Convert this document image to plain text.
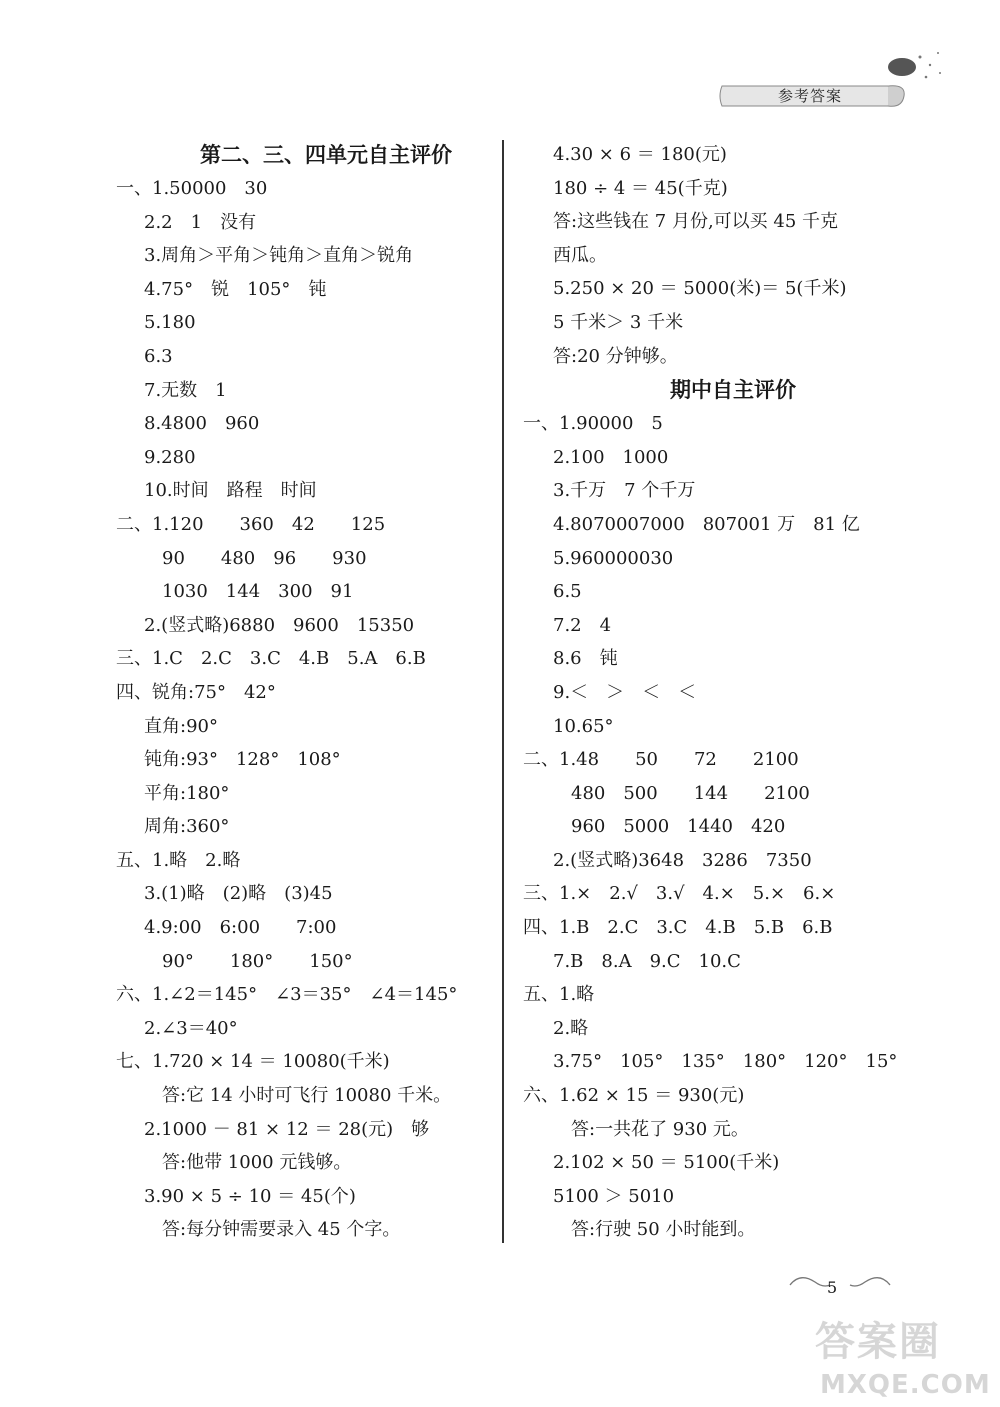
参考答案
第二、三、四单元自主评价
一、1.50000　30
2.2　1　没有
3.周角＞平角＞钝角＞直角＞锐角
4.75°　锐　105°　钝
5.180
6.3
7.无数　1
8.4800　960
9.280
10.时间　路程　时间
二、1.120　　360　42　　125
90　　480　96　　930
1030　144　300　91
2.(竖式略)6880　9600　15350
三、1.C　2.C　3.C　4.B　5.A　6.B
四、锐角:75°　42°
直角:90°
钝角:93°　128°　108°
平角:180°
周角:360°
五、1.略　2.略
3.(1)略　(2)略　(3)45
4.9:00　6:00　　7:00
90°　　180°　　150°
六、1.∠2＝145°　∠3＝35°　∠4＝145°
2.∠3＝40°
七、1.720 × 14 ＝ 10080(千米)
答:它 14 小时可飞行 10080 千米。
2.1000 － 81 × 12 ＝ 28(元)　够
答:他带 1000 元钱够。
3.90 × 5 ÷ 10 ＝ 45(个)
答:每分钟需要录入 45 个字。
4.30 × 6 ＝ 180(元)
180 ÷ 4 ＝ 45(千克)
答:这些钱在 7 月份,可以买 45 千克
西瓜。
5.250 × 20 ＝ 5000(米)＝ 5(千米)
5 千米＞ 3 千米
答:20 分钟够。
期中自主评价
一、1.90000　5
2.100　1000
3.千万　7 个千万
4.8070007000　807001 万　81 亿
5.960000030
6.5
7.2　4
8.6　钝
9.＜　＞　＜　＜
10.65°
二、1.48　　50　　72　　2100
480　500　　144　　2100
960　5000　1440　420
2.(竖式略)3648　3286　7350
三、1.×　2.√　3.√　4.×　5.×　6.×
四、1.B　2.C　3.C　4.B　5.B　6.B
7.B　8.A　9.C　10.C
五、1.略
2.略
3.75°　105°　135°　180°　120°　15°
六、1.62 × 15 ＝ 930(元)
答:一共花了 930 元。
2.102 × 50 ＝ 5100(千米)
5100 ＞ 5010
答:行驶 50 小时能到。
5
答案圈
MXQE.COM
